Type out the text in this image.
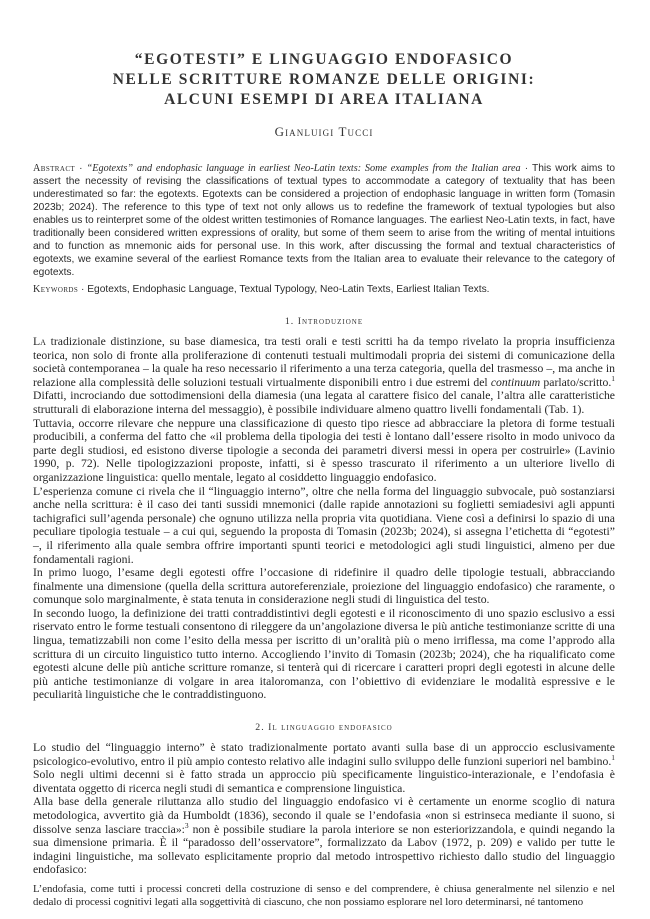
“EGOTESTI” E LINGUAGGIO ENDOFASICO
NELLE SCRITTURE ROMANZE DELLE ORIGINI:
ALCUNI ESEMPI DI AREA ITALIANA
Gianluigi Tucci

Abstract · “Egotexts” and endophasic language in earliest Neo-Latin texts: Some examples from the Italian area · This work aims to assert the necessity of revising the classifications of textual types to accommodate a category of textuality that has been underestimated so far: the egotexts. Egotexts can be considered a projection of endophasic language in written form (Tomasin 2023b; 2024). The reference to this type of text not only allows us to redefine the framework of textual typologies but also enables us to reinterpret some of the oldest written testimonies of Romance languages. The earliest Neo-Latin texts, in fact, have traditionally been considered written expressions of orality, but some of them seem to arise from the writing of mental intuitions and to function as mnemonic aids for personal use. In this work, after discussing the formal and textual characteristics of egotexts, we examine several of the earliest Romance texts from the Italian area to evaluate their relevance to the category of egotexts.

Keywords · Egotexts, Endophasic Language, Textual Typology, Neo-Latin Texts, Earliest Italian Texts.

1. Introduzione

La tradizionale distinzione, su base diamesica, tra testi orali e testi scritti ha da tempo rivelato la propria insufficienza teorica, non solo di fronte alla proliferazione di contenuti testuali multimodali propria dei sistemi di comunicazione della società contemporanea – la quale ha reso necessario il riferimento a una terza categoria, quella del trasmesso –, ma anche in relazione alla complessità delle soluzioni testuali virtualmente disponibili entro i due estremi del continuum parlato/scritto.$^1$ Difatti, incrociando due sottodimensioni della diamesia (una legata al carattere fisico del canale, l’altra alle caratteristiche strutturali di elaborazione interna del messaggio), è possibile individuare almeno quattro livelli fondamentali (Tab. 1).

Tuttavia, occorre rilevare che neppure una classificazione di questo tipo riesce ad abbracciare la pletora di forme testuali producibili, a conferma del fatto che «il problema della tipologia dei testi è lontano dall’essere risolto in modo univoco da parte degli studiosi, ed esistono diverse tipologie a seconda dei parametri diversi messi in opera per costruirle» (Lavinio 1990, p. 72). Nelle tipologizzazioni proposte, infatti, si è spesso trascurato il riferimento a un ulteriore livello di organizzazione linguistica: quello mentale, legato al cosiddetto linguaggio endofasico.

L’esperienza comune ci rivela che il “linguaggio interno”, oltre che nella forma del linguaggio subvocale, può sostanziarsi anche nella scrittura: è il caso dei tanti sussidi mnemonici (dalle rapide annotazioni su foglietti semiadesivi agli appunti tachigrafici sull’agenda personale) che ognuno utilizza nella propria vita quotidiana. Viene così a definirsi lo spazio di una peculiare tipologia testuale – a cui qui, seguendo la proposta di Tomasin (2023b; 2024), si assegna l’etichetta di “egotesti” –, il riferimento alla quale sembra offrire importanti spunti teorici e metodologici agli studi linguistici, almeno per due fondamentali ragioni.

In primo luogo, l’esame degli egotesti offre l’occasione di ridefinire il quadro delle tipologie testuali, abbracciando finalmente una dimensione (quella della scrittura autoreferenziale, proiezione del linguaggio endofasico) che raramente, o comunque solo marginalmente, è stata tenuta in considerazione negli studi di linguistica del testo.

In secondo luogo, la definizione dei tratti contraddistintivi degli egotesti e il riconoscimento di uno spazio esclusivo a essi riservato entro le forme testuali consentono di rileggere da un’angolazione diversa le più antiche testimonianze scritte di una lingua, tematizzabili non come l’esito della messa per iscritto di un’oralità più o meno irriflessa, ma come l’approdo alla scrittura di un circuito linguistico tutto interno. Accogliendo l’invito di Tomasin (2023b; 2024), che ha riqualificato come egotesti alcune delle più antiche scritture romanze, si tenterà qui di ricercare i caratteri propri degli egotesti in alcune delle più antiche testimonianze di volgare in area italoromanza, con l’obiettivo di evidenziare le modalità espressive e le peculiarità linguistiche che le contraddistinguono.

2. Il linguaggio endofasico

Lo studio del “linguaggio interno” è stato tradizionalmente portato avanti sulla base di un approccio esclusivamente psicologico-evolutivo, entro il più ampio contesto relativo alle indagini sullo sviluppo delle funzioni superiori nel bambino.$^1$ Solo negli ultimi decenni si è fatto strada un approccio più specificamente linguistico-interazionale, e l’endofasia è diventata oggetto di ricerca negli studi di semantica e comprensione linguistica.

Alla base della generale riluttanza allo studio del linguaggio endofasico vi è certamente un enorme scoglio di natura metodologica, avvertito già da Humboldt (1836), secondo il quale se l’endofasia «non si estrinseca mediante il suono, si dissolve senza lasciare traccia»:$^3$ non è possibile studiare la parola interiore se non esteriorizzandola, e quindi negando la sua dimensione primaria. È il “paradosso dell’osservatore”, formalizzato da Labov (1972, p. 209) e valido per tutte le indagini linguistiche, ma sollevato esplicitamente proprio dal metodo introspettivo richiesto dallo studio del linguaggio endofasico:

L’endofasia, come tutti i processi concreti della costruzione di senso e del comprendere, è chiusa generalmente nel silenzio e nel dedalo di processi cognitivi legati alla soggettività di ciascuno, che non possiamo esplorare nel loro determinarsi, né tantomeno
